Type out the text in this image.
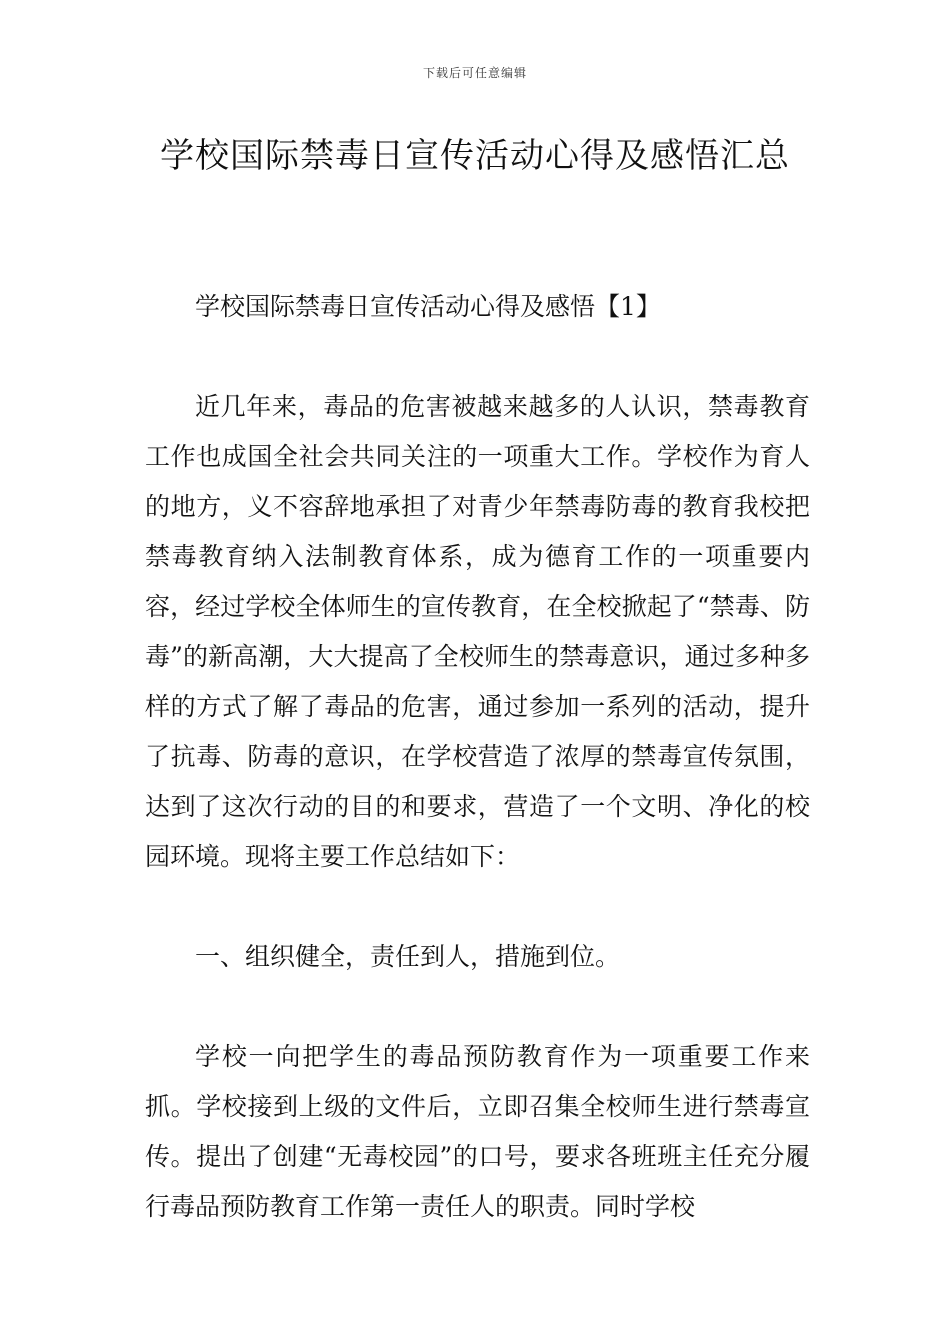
下载后可任意编辑
学校国际禁毒日宣传活动心得及感悟汇总

学校国际禁毒日宣传活动心得及感悟【1】

近几年来，毒品的危害被越来越多的人认识，禁毒教育工作也成国全社会共同关注的一项重大工作。学校作为育人的地方，义不容辞地承担了对青少年禁毒防毒的教育我校把禁毒教育纳入法制教育体系，成为德育工作的一项重要内容，经过学校全体师生的宣传教育，在全校掀起了“禁毒、防毒”的新高潮，大大提高了全校师生的禁毒意识，通过多种多样的方式了解了毒品的危害，通过参加一系列的活动，提升了抗毒、防毒的意识，在学校营造了浓厚的禁毒宣传氛围，达到了这次行动的目的和要求，营造了一个文明、净化的校园环境。现将主要工作总结如下：

一、组织健全，责任到人，措施到位。

学校一向把学生的毒品预防教育作为一项重要工作来抓。学校接到上级的文件后，立即召集全校师生进行禁毒宣传。提出了创建“无毒校园”的口号，要求各班班主任充分履行毒品预防教育工作第一责任人的职责。同时学校
